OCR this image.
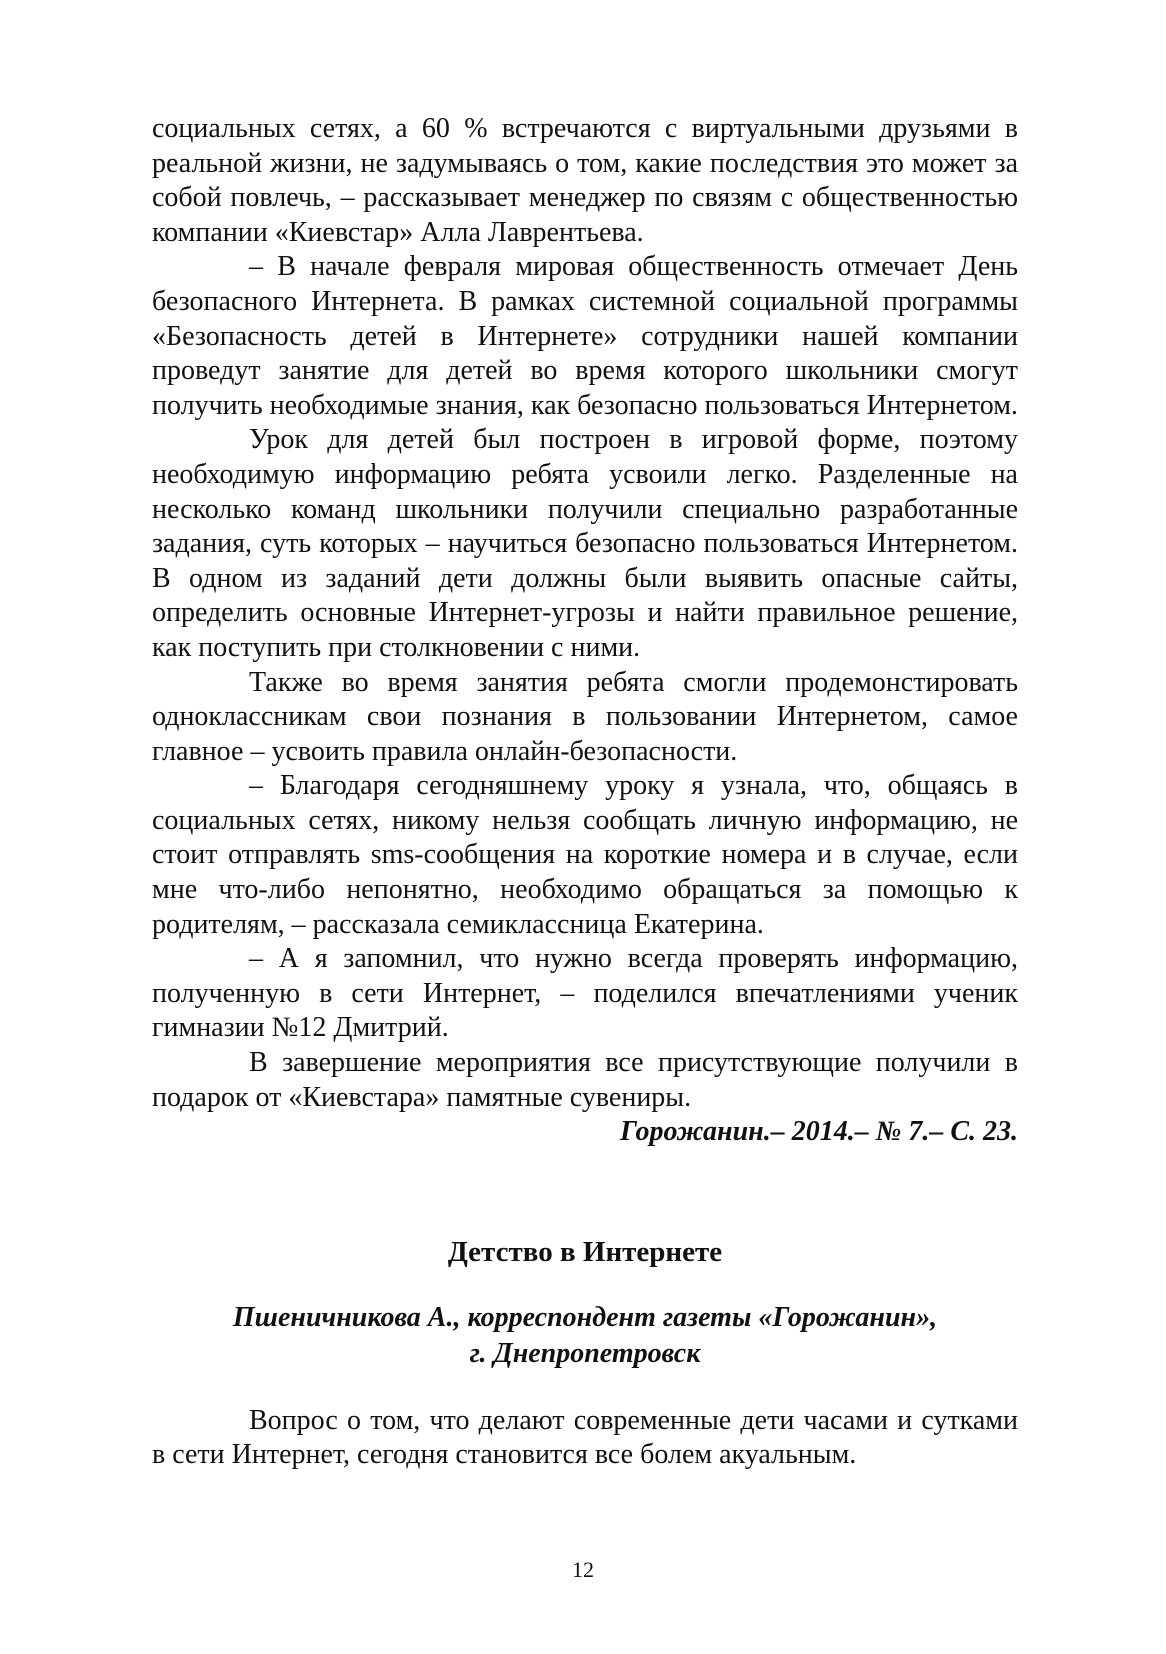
социальных сетях, а 60 % встречаются с виртуальными друзьями в реальной жизни, не задумываясь о том, какие последствия это может за собой повлечь, – рассказывает менеджер по связям с общественностью компании «Киевстар» Алла Лаврентьева.

– В начале февраля мировая общественность отмечает День безопасного Интернета. В рамках системной социальной программы «Безопасность детей в Интернете» сотрудники нашей компании проведут занятие для детей во время которого школьники смогут получить необходимые знания, как безопасно пользоваться Интернетом.

Урок для детей был построен в игровой форме, поэтому необходимую информацию ребята усвоили легко. Разделенные на несколько команд школьники получили специально разработанные задания, суть которых – научиться безопасно пользоваться Интернетом. В одном из заданий дети должны были выявить опасные сайты, определить основные Интернет-угрозы и найти правильное решение, как поступить при столкновении с ними.

Также во время занятия ребята смогли продемонстировать одноклассникам свои познания в пользовании Интернетом, самое главное – усвоить правила онлайн-безопасности.

– Благодаря сегодняшнему уроку я узнала, что, общаясь в социальных сетях, никому нельзя сообщать личную информацию, не стоит отправлять sms-сообщения на короткие номера и в случае, если мне что-либо непонятно, необходимо обращаться за помощью к родителям, – рассказала семиклассница Екатерина.

– А я запомнил, что нужно всегда проверять информацию, полученную в сети Интернет, – поделился впечатлениями ученик гимназии №12 Дмитрий.

В завершение мероприятия все присутствующие получили в подарок от «Киевстара» памятные сувениры.

Горожанин.– 2014.– № 7.– С. 23.

Детство в Интернете
Пшеничникова А., корреспондент газеты «Горожанин»,
г. Днепропетровск

Вопрос о том, что делают современные дети часами и сутками в сети Интернет, сегодня становится все болем акуальным.

12
